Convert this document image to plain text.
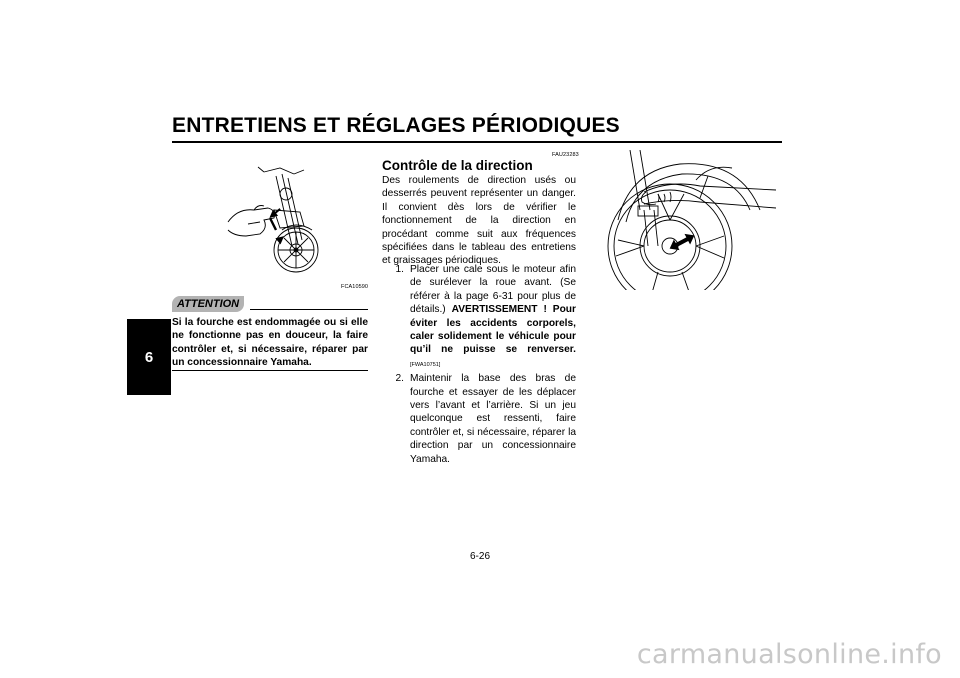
ENTRETIENS ET RÉGLAGES PÉRIODIQUES
6
FCA10590
ATTENTION

Si la fourche est endommagée ou si elle ne fonctionne pas en douceur, la faire contrôler et, si nécessaire, réparer par un concessionnaire Yamaha.

FAU23283
Contrôle de la direction

Des roulements de direction usés ou desserrés peuvent représenter un danger. Il convient dès lors de vérifier le fonctionnement de la direction en procédant comme suit aux fréquences spécifiées dans le tableau des entretiens et graissages périodiques.

1. Placer une cale sous le moteur afin de surélever la roue avant. (Se référer à la page 6-31 pour plus de détails.) AVERTISSEMENT ! Pour éviter les accidents corporels, caler solidement le véhicule pour qu’il ne puisse se renverser. [FWA10751]
2. Maintenir la base des bras de fourche et essayer de les déplacer vers l’avant et l’arrière. Si un jeu quelconque est ressenti, faire contrôler et, si nécessaire, réparer la direction par un concessionnaire Yamaha.
6-26
carmanualsonline.info
